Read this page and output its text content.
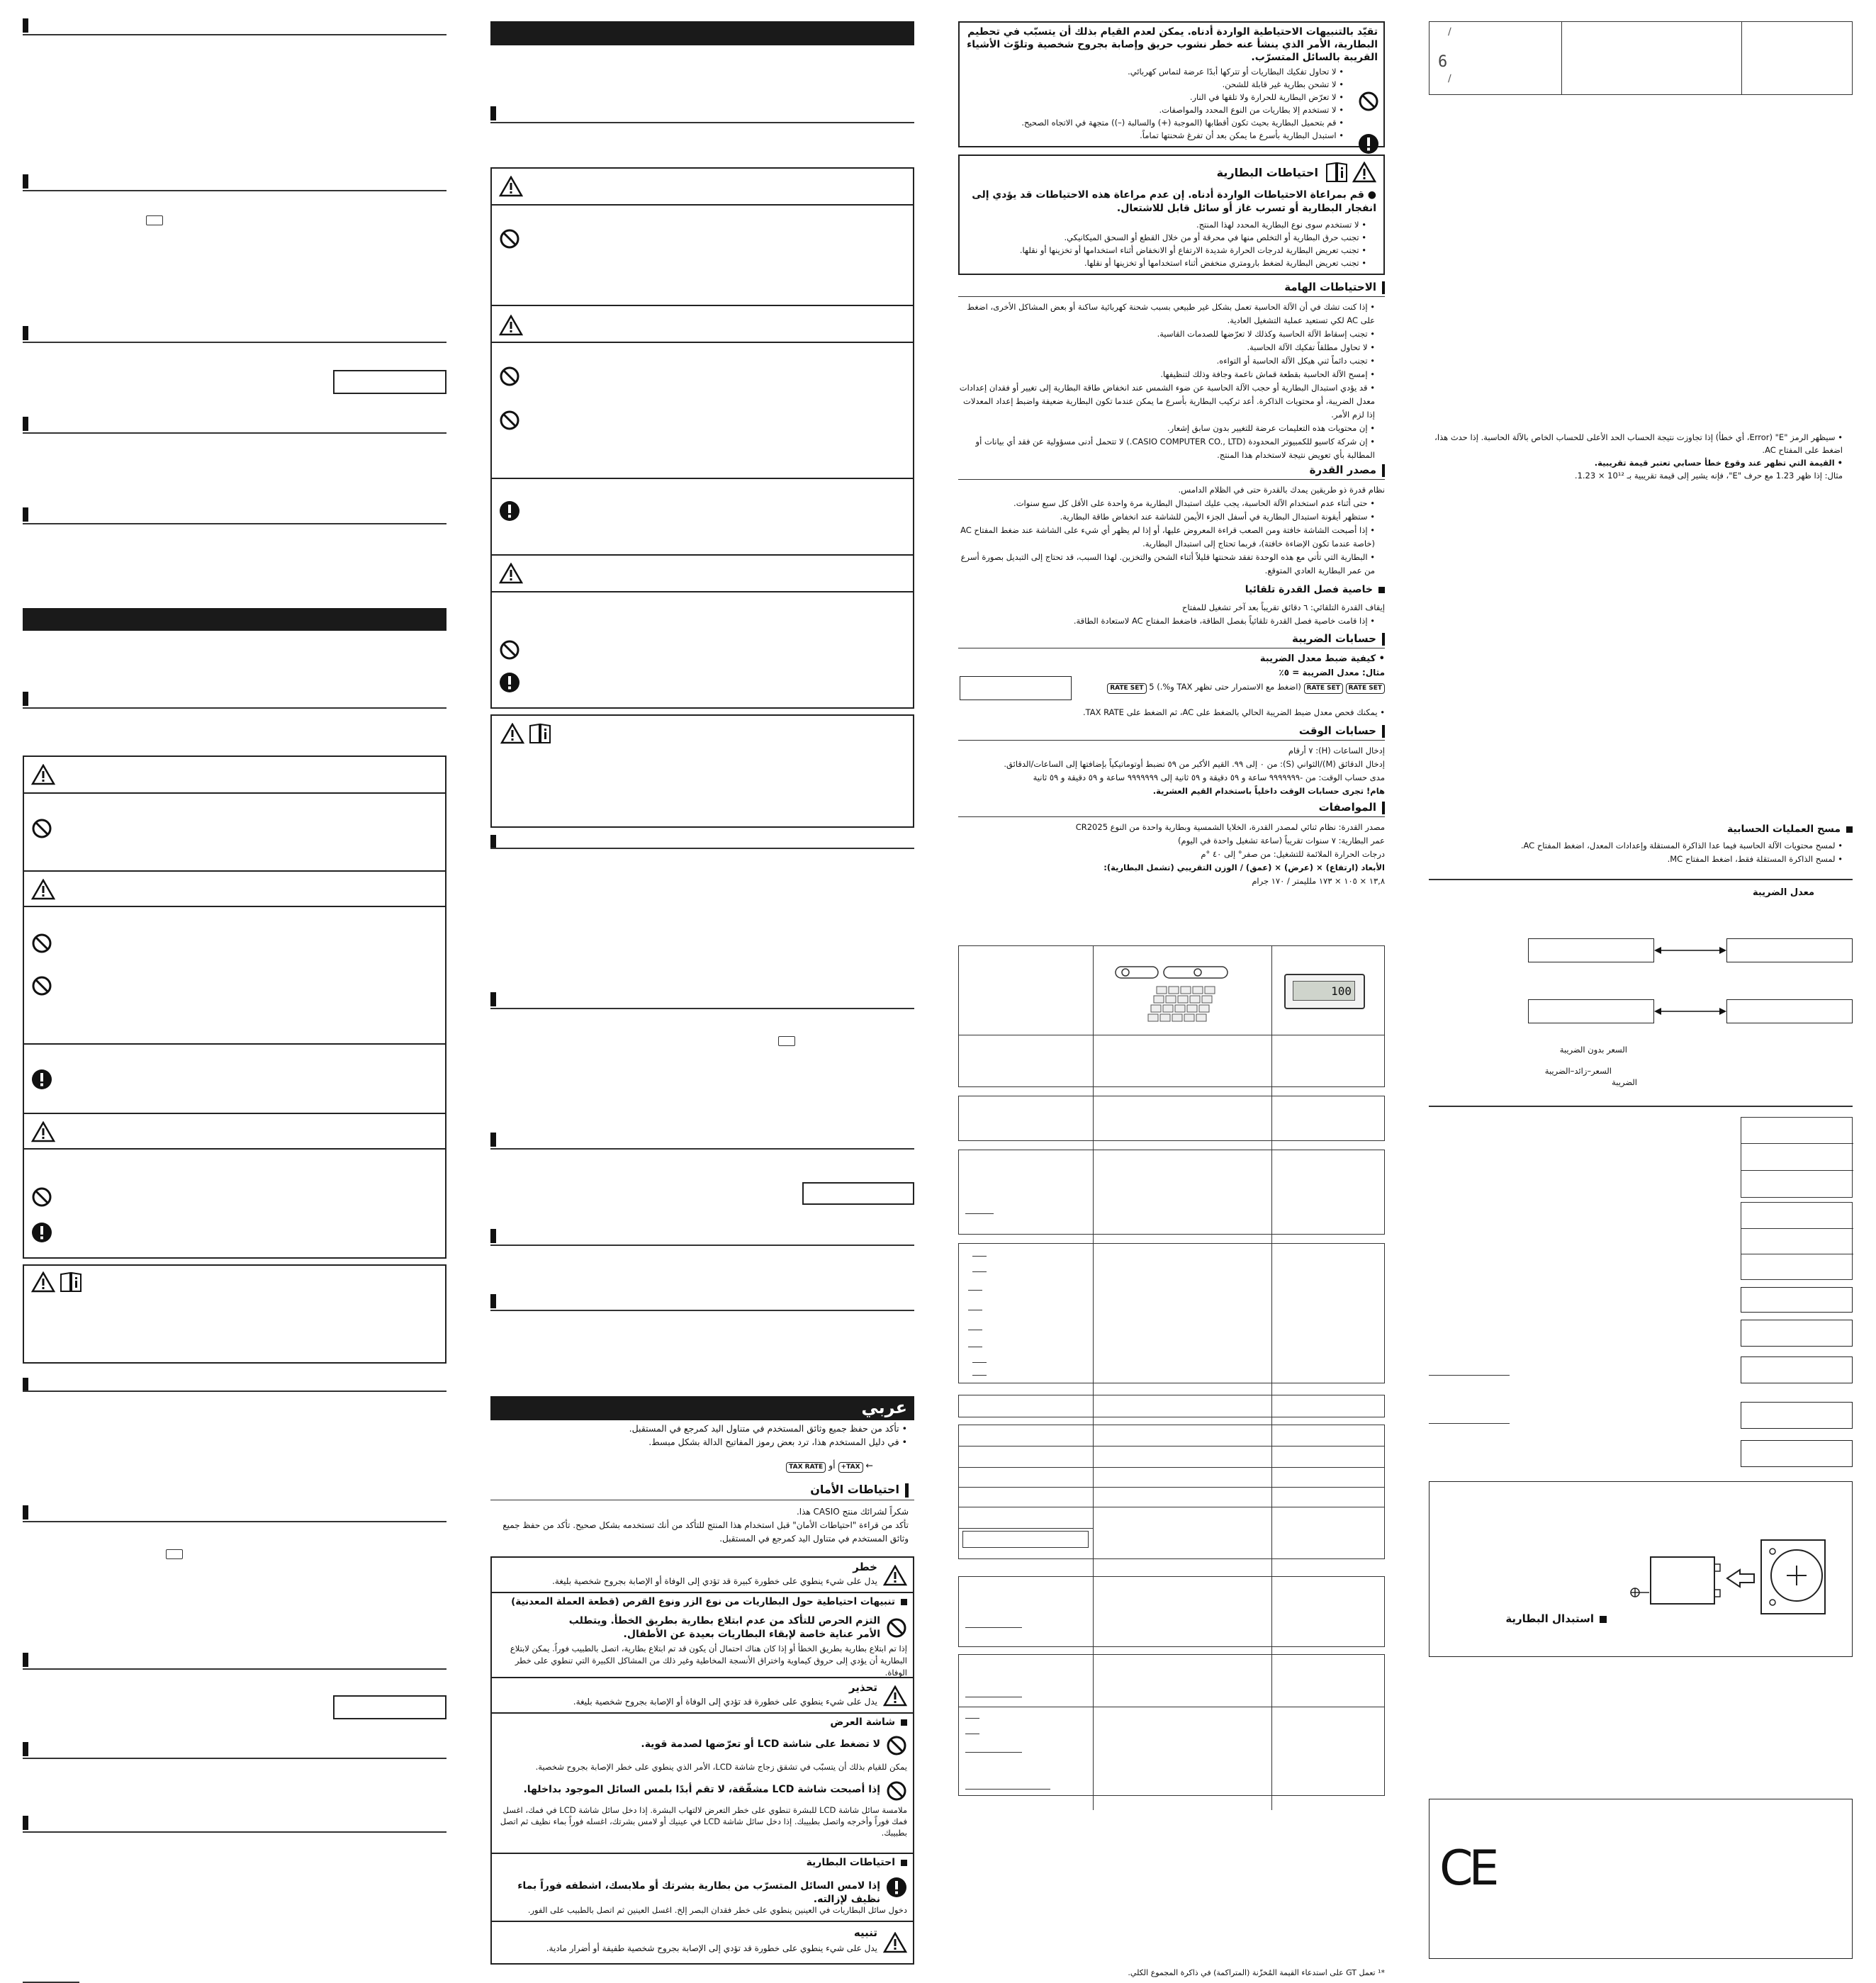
عربي
• تأكد من حفظ جميع وثائق المستخدم في متناول اليد كمرجع في المستقبل.
• في دليل المستخدم هذا، ترد بعض رموز المفاتيح الدالة بشكل مبسط.
← TAX+ أو TAX RATE
احتياطات الأمان
شكراً لشرائك منتج CASIO هذا.
تأكد من قراءة "احتياطات الأمان" قبل استخدام هذا المنتج للتأكد من أنك تستخدمه بشكل صحيح. تأكد من حفظ جميع وثائق المستخدم في متناول اليد كمرجع في المستقبل.
خطر
يدل على شيء ينطوي على خطورة كبيرة قد تؤدي إلى الوفاة أو الإصابة بجروح شخصية بليغة.
تنبيهات احتياطية حول البطاريات من نوع الزر ونوع القرص (قطعة العملة المعدنية)
التزم الحرص للتأكد من عدم ابتلاع بطارية بطريق الخطأ. ويتطلب الأمر عناية خاصة لإبقاء البطاريات بعيدة عن الأطفال.
إذا تم ابتلاع بطارية بطريق الخطأ أو إذا كان هناك احتمال أن يكون قد تم ابتلاع بطارية، اتصل بالطبيب فوراً. يمكن لابتلاع البطارية أن يؤدي إلى حروق كيماوية واختراق الأنسجة المخاطية وغير ذلك من المشاكل الكبيرة التي تنطوي على خطر الوفاة.
تحذير
يدل على شيء ينطوي على خطورة قد تؤدي إلى الوفاة أو الإصابة بجروح شخصية بليغة.
شاشة العرض
لا تضغط على شاشة LCD أو تعرّضها لصدمة قوية.
يمكن للقيام بذلك أن يتسبّب في تشقق زجاج شاشة LCD، الأمر الذي ينطوي على خطر الإصابة بجروح شخصية.
إذا أصبحت شاشة LCD مشقّقة، لا تقم أبدًا بلمس السائل الموجود بداخلها.
ملامسة سائل شاشة LCD للبشرة تنطوي على خطر التعرض لالتهاب البشرة. إذا دخل سائل شاشة LCD في فمك، اغسل فمك فوراً وأخرجه واتصل بطبيبك. إذا دخل سائل شاشة LCD في عينيك أو لامس بشرتك، اغسله فوراً بماء نظيف ثم اتصل بطبيبك.
احتياطات البطارية
إذا لامس السائل المتسرّب من بطارية بشرتك أو ملابسك، اشطفه فوراً بماء نظيف لإزالته.
دخول سائل البطاريات في العينين ينطوي على خطر فقدان البصر إلخ. اغسل العينين ثم اتصل بالطبيب على الفور.
تنبيه
يدل على شيء ينطوي على خطورة قد تؤدي إلى الإصابة بجروح شخصية طفيفة أو أضرار مادية.
تقيّد بالتنبيهات الاحتياطية الواردة أدناه. يمكن لعدم القيام بذلك أن يتسبّب في تحطيم البطارية، الأمر الذي ينشأ عنه خطر نشوب حريق وإصابة بجروح شخصية وتلوّث الأشياء القريبة بالسائل المتسرّب.
• لا تحاول تفكيك البطاريات أو تتركها أبدًا عرضة لتماس كهربائي.
• لا تشحن بطارية غير قابلة للشحن.
• لا تعرّض البطارية للحرارة ولا تلقها في النار.
• لا تستخدم إلا بطاريات من النوع المحدد والمواصفات.
• قم بتحميل البطارية بحيث تكون أقطابها (الموجبة (+) والسالبة (–)) متجهة في الاتجاه الصحيح.
• استبدل البطارية بأسرع ما يمكن بعد أن تفرغ شحنتها تماماً.
احتياطات البطارية
● قم بمراعاة الاحتياطات الواردة أدناه. إن عدم مراعاة هذه الاحتياطات قد يؤدي إلى انفجار البطارية أو تسرب غاز أو سائل قابل للاشتعال.
• لا تستخدم سوى نوع البطارية المحدد لهذا المنتج.
• تجنب حرق البطارية أو التخلص منها في محرقة أو من خلال القطع أو السحق الميكانيكي.
• تجنب تعريض البطارية لدرجات الحرارة شديدة الارتفاع أو الانخفاض أثناء استخدامها أو تخزينها أو نقلها.
• تجنب تعريض البطارية لضغط بارومتري منخفض أثناء استخدامها أو تخزينها أو نقلها.
الاحتياطات الهامة
• إذا كنت تشك في أن الآلة الحاسبة تعمل بشكل غير طبيعي بسبب شحنة كهربائية ساكنة أو بعض المشاكل الأخرى، اضغط على AC لكي تستعيد عملية التشغيل العادية.
• تجنب إسقاط الآلة الحاسبة وكذلك لا تعرّضها للصدمات القاسية.
• لا تحاول مطلقاً تفكيك الآلة الحاسبة.
• تجنب دائماً ثني هيكل الآلة الحاسبة أو التواءه.
• إمسح الآلة الحاسبة بقطعة قماش ناعمة وجافة وذلك لتنظيفها.
• قد يؤدي استبدال البطارية أو حجب الآلة الحاسبة عن ضوء الشمس عند انخفاض طاقة البطارية إلى تغيير أو فقدان إعدادات معدل الضريبة، أو محتويات الذاكرة. أعد تركيب البطارية بأسرع ما يمكن عندما تكون البطارية ضعيفة واضبط إعداد المعدلات إذا لزم الأمر.
• إن محتويات هذه التعليمات عرضة للتغيير بدون سابق إشعار.
• إن شركة كاسيو للكمبيوتر المحدودة (CASIO COMPUTER CO., LTD.) لا تتحمل أدنى مسؤولية عن فقد أي بيانات أو المطالبة بأي تعويض نتيجة لاستخدام هذا المنتج.
مصدر القدرة
نظام قدرة ذو طريقين يمدك بالقدرة حتى في الظلام الدامس.
• حتى أثناء عدم استخدام الآلة الحاسبة، يجب عليك استبدال البطارية مرة واحدة على الأقل كل سبع سنوات.
• ستظهر أيقونة استبدال البطارية في أسفل الجزء الأيمن للشاشة عند انخفاض طاقة البطارية.
• إذا أصبحت الشاشة خافتة ومن الصعب قراءة المعروض عليها، أو إذا لم يظهر أي شيء على الشاشة عند ضغط المفتاح AC (خاصة عندما تكون الإضاءة خافتة)، فربما تحتاج إلى استبدال البطارية.
• البطارية التي تأتي مع هذه الوحدة تفقد شحنتها قليلاً أثناء الشحن والتخزين. لهذا السبب، قد تحتاج إلى التبديل بصورة أسرع من عمر البطارية العادي المتوقع.
خاصية فصل القدرة تلقائيا
إيقاف القدرة التلقائي: ٦ دقائق تقريباً بعد آخر تشغيل للمفتاح
• إذا قامت خاصية فصل القدرة تلقائياً بفصل الطاقة، فاضغط المفتاح AC لاستعادة الطاقة.
حسابات الضريبة
• كيفية ضبط معدل الضريبة
مثال: معدل الضريبة = ٥٪
RATE SET RATE SET (اضغط مع الاستمرار حتى تظهر TAX و%.) 5 RATE SET
• يمكنك فحص معدل ضبط الضريبة الحالي بالضغط على AC، ثم الضغط على TAX RATE.
حسابات الوقت
إدخال الساعات (H): ٧ أرقام
إدخال الدقائق (M)/الثواني (S): من ٠ إلى ٩٩. القيم الأكبر من ٥٩ تضبط أوتوماتيكياً بإضافتها إلى الساعات/الدقائق.
مدى حساب الوقت: من -٩٩٩٩٩٩٩ ساعة و ٥٩ دقيقة و ٥٩ ثانية إلى ٩٩٩٩٩٩٩ ساعة و ٥٩ دقيقة و ٥٩ ثانية
هام! تجرى حسابات الوقت داخلياً باستخدام القيم العشرية.
المواصفات
مصدر القدرة: نظام ثنائي لمصدر القدرة، الخلايا الشمسية وبطارية واحدة من النوع CR2025
عمر البطارية: ٧ سنوات تقريباً (ساعة تشغيل واحدة في اليوم)
درجات الحرارة الملائمة للتشغيل: من صفر° إلى ٤٠ °م
الأبعاد (ارتفاع) × (عرض) × (عمق) / الوزن التقريبي (تشمل البطارية):
١٣,٨ × ١٠٥ × ١٧٣ ملليمتر / ١٧٠ جرام
100
*¹ تعمل GT على استدعاء القيمة المُخزّنة (المتراكمة) في ذاكرة المجموع الكلي.
∕
6
∕
• سيظهر الرمز "E" (Error، أي خطأ) إذا تجاوزت نتيجة الحساب الحد الأعلى للحساب الخاص بالآلة الحاسبة. إذا حدث هذا، اضغط على المفتاح AC.
• القيمة التي تظهر عند وقوع خطأ حسابي تعتبر قيمة تقريبية.
مثال: إذا ظهر 1.23 مع حرف "E"، فإنه يشير إلى قيمة تقريبية بـ 10¹² × 1.23.
مسح العمليات الحسابية
• لمسح محتويات الآلة الحاسبة فيما عدا الذاكرة المستقلة وإعدادات المعدل، اضغط المفتاح AC.
• لمسح الذاكرة المستقلة فقط، اضغط المفتاح MC.
معدل الضريبة
السعر بدون الضريبة
السعر–زائد–الضريبة
الضريبة
استبدال البطارية
CE
